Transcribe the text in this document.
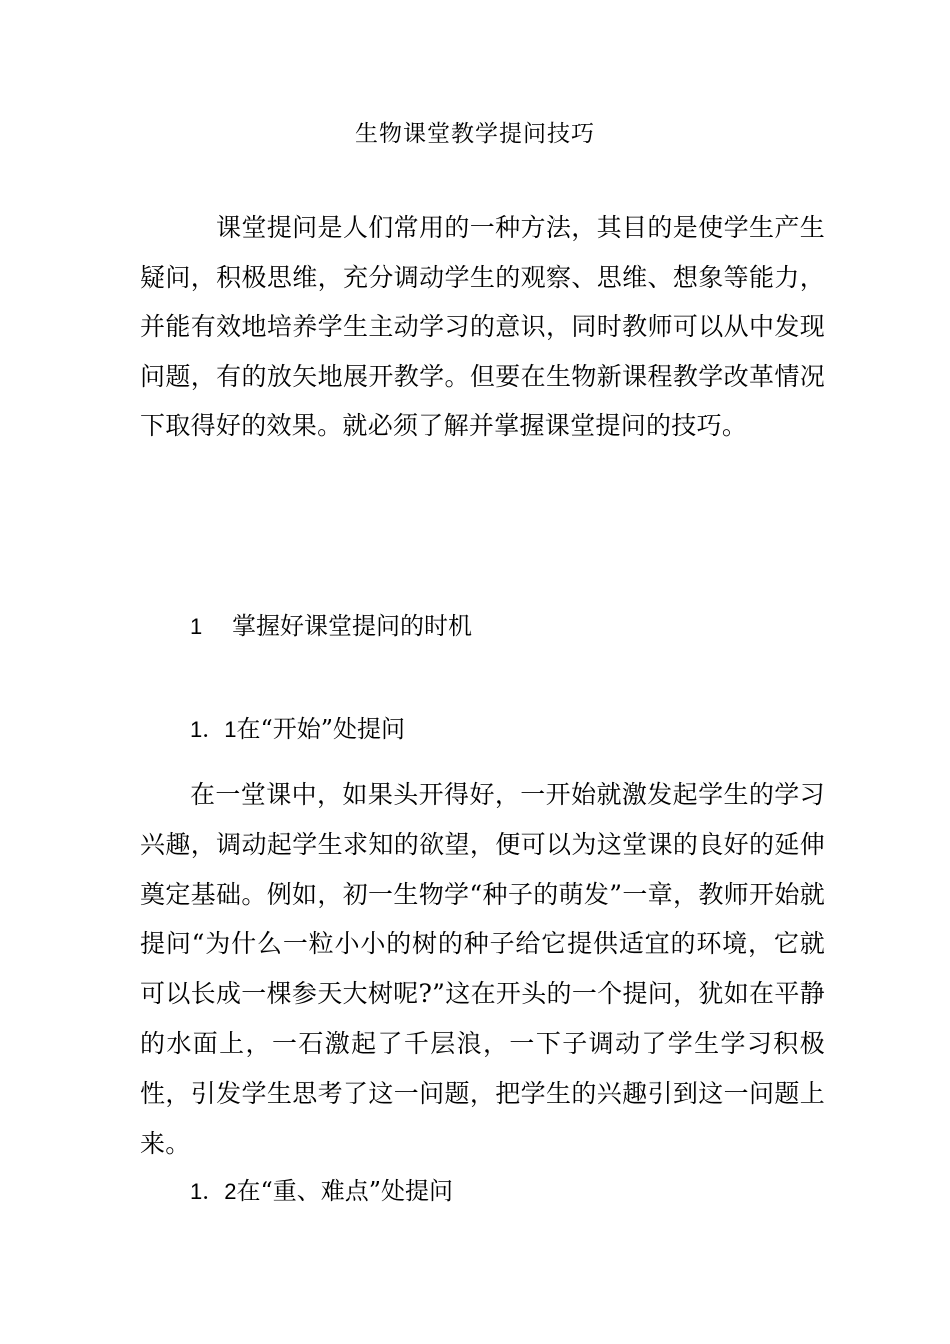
生物课堂教学提问技巧

课堂提问是人们常用的一种方法，其目的是使学生产生疑问，积极思维，充分调动学生的观察、思维、想象等能力，并能有效地培养学生主动学习的意识，同时教师可以从中发现问题，有的放矢地展开教学。但要在生物新课程教学改革情况下取得好的效果。就必须了解并掌握课堂提问的技巧。

1 掌握好课堂提问的时机
1．1在“开始”处提问

在一堂课中，如果头开得好，一开始就激发起学生的学习兴趣，调动起学生求知的欲望，便可以为这堂课的良好的延伸奠定基础。例如，初一生物学“种子的萌发”一章，教师开始就提问“为什么一粒小小的树的种子给它提供适宜的环境，它就可以长成一棵参天大树呢?”这在开头的一个提问，犹如在平静的水面上，一石激起了千层浪，一下子调动了学生学习积极性，引发学生思考了这一问题，把学生的兴趣引到这一问题上来。

1．2在“重、难点”处提问
